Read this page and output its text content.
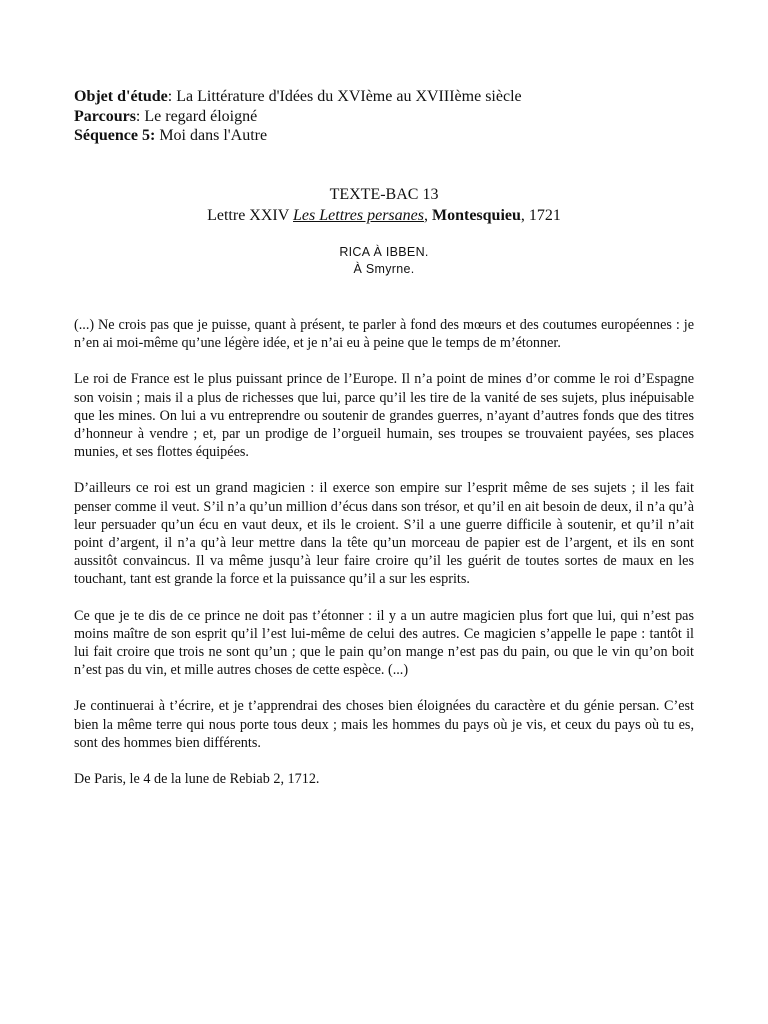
Objet d'étude: La Littérature d'Idées du XVIème au XVIIIème siècle
Parcours: Le regard éloigné
Séquence 5: Moi dans l'Autre
TEXTE-BAC 13
Lettre XXIV Les Lettres persanes, Montesquieu, 1721
RICA À IBBEN.
À Smyrne.

(...) Ne crois pas que je puisse, quant à présent, te parler à fond des mœurs et des coutumes européennes : je n’en ai moi-même qu’une légère idée, et je n’ai eu à peine que le temps de m’étonner.

Le roi de France est le plus puissant prince de l’Europe. Il n’a point de mines d’or comme le roi d’Espagne son voisin ; mais il a plus de richesses que lui, parce qu’il les tire de la vanité de ses sujets, plus inépuisable que les mines. On lui a vu entreprendre ou soutenir de grandes guerres, n’ayant d’autres fonds que des titres d’honneur à vendre ; et, par un prodige de l’orgueil humain, ses troupes se trouvaient payées, ses places munies, et ses flottes équipées.

D’ailleurs ce roi est un grand magicien : il exerce son empire sur l’esprit même de ses sujets ; il les fait penser comme il veut. S’il n’a qu’un million d’écus dans son trésor, et qu’il en ait besoin de deux, il n’a qu’à leur persuader qu’un écu en vaut deux, et ils le croient. S’il a une guerre difficile à soutenir, et qu’il n’ait point d’argent, il n’a qu’à leur mettre dans la tête qu’un morceau de papier est de l’argent, et ils en sont aussitôt convaincus. Il va même jusqu’à leur faire croire qu’il les guérit de toutes sortes de maux en les touchant, tant est grande la force et la puissance qu’il a sur les esprits.

Ce que je te dis de ce prince ne doit pas t’étonner : il y a un autre magicien plus fort que lui, qui n’est pas moins maître de son esprit qu’il l’est lui-même de celui des autres. Ce magicien s’appelle le pape : tantôt il lui fait croire que trois ne sont qu’un ; que le pain qu’on mange n’est pas du pain, ou que le vin qu’on boit n’est pas du vin, et mille autres choses de cette espèce. (...)

Je continuerai à t’écrire, et je t’apprendrai des choses bien éloignées du caractère et du génie persan. C’est bien la même terre qui nous porte tous deux ; mais les hommes du pays où je vis, et ceux du pays où tu es, sont des hommes bien différents.

De Paris, le 4 de la lune de Rebiab 2, 1712.
